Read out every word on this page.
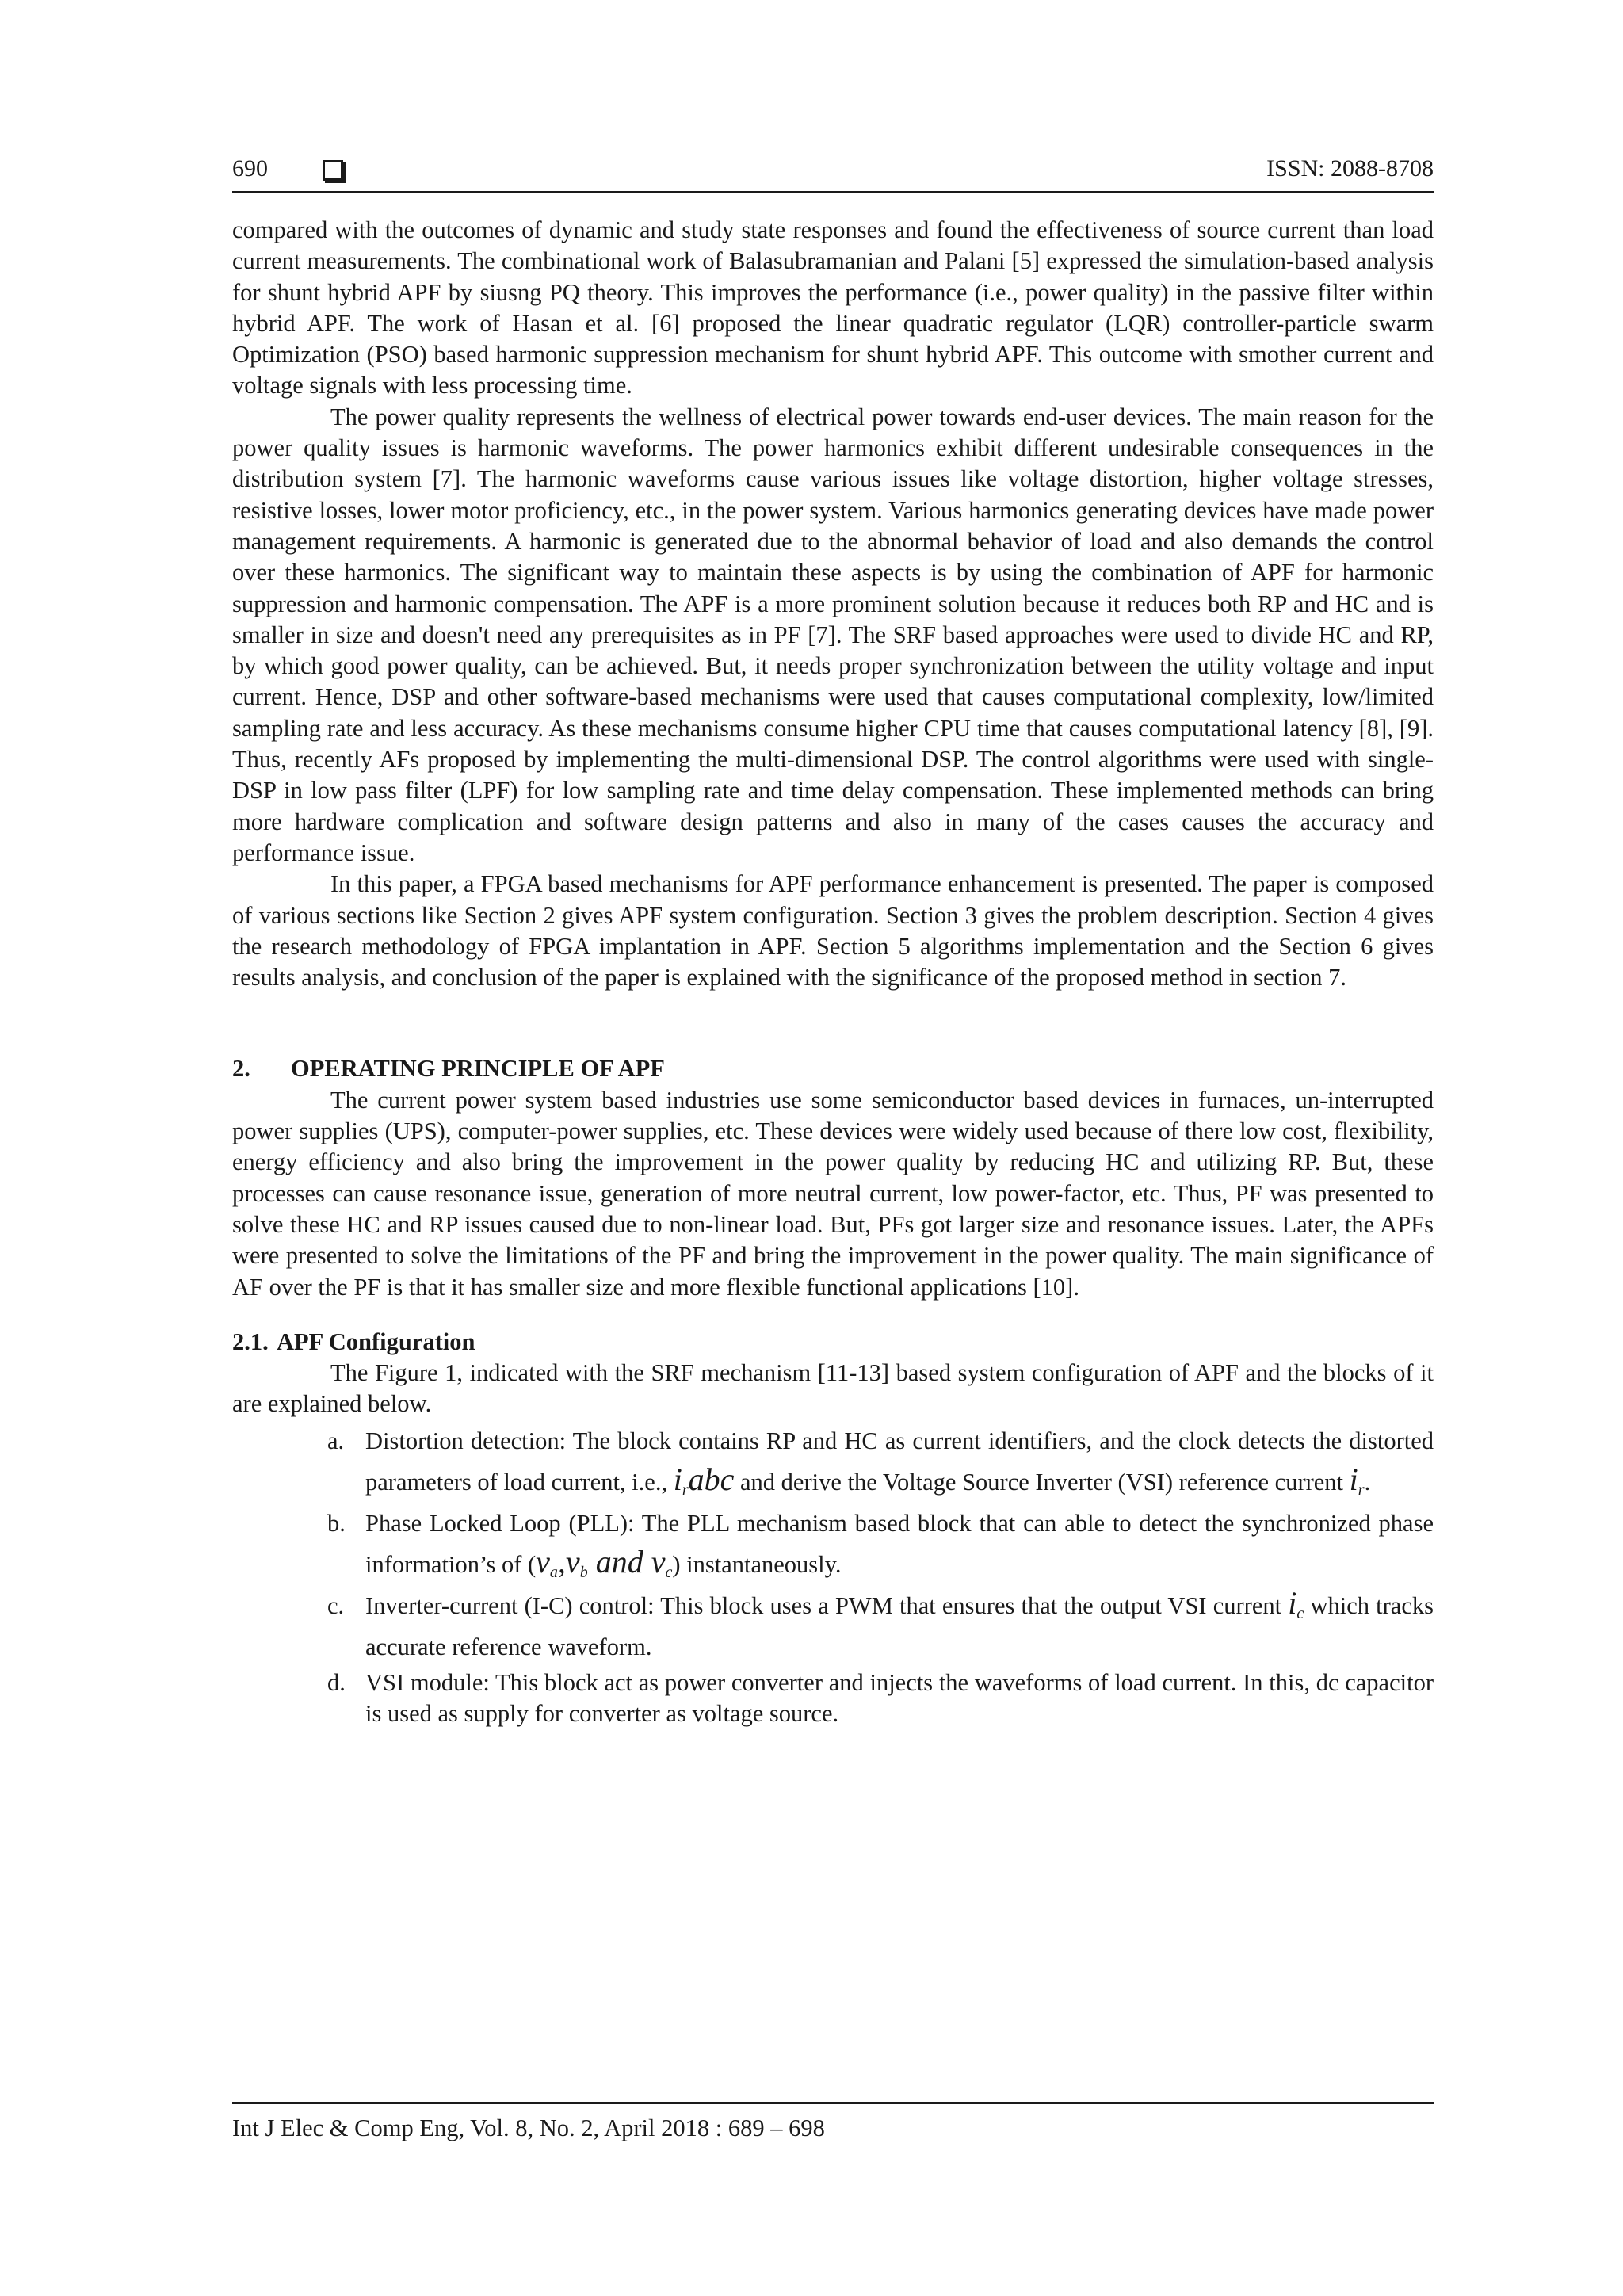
690	ISSN: 2088-8708

compared with the outcomes of dynamic and study state responses and found the effectiveness of source current than load current measurements. The combinational work of Balasubramanian and Palani [5] expressed the simulation-based analysis for shunt hybrid APF by siusng PQ theory. This improves the performance (i.e., power quality) in the passive filter within hybrid APF. The work of Hasan et al. [6] proposed the linear quadratic regulator (LQR) controller-particle swarm Optimization (PSO) based harmonic suppression mechanism for shunt hybrid APF. This outcome with smother current and voltage signals with less processing time.

The power quality represents the wellness of electrical power towards end-user devices. The main reason for the power quality issues is harmonic waveforms. The power harmonics exhibit different undesirable consequences in the distribution system [7]. The harmonic waveforms cause various issues like voltage distortion, higher voltage stresses, resistive losses, lower motor proficiency, etc., in the power system. Various harmonics generating devices have made power management requirements. A harmonic is generated due to the abnormal behavior of load and also demands the control over these harmonics. The significant way to maintain these aspects is by using the combination of APF for harmonic suppression and harmonic compensation. The APF is a more prominent solution because it reduces both RP and HC and is smaller in size and doesn't need any prerequisites as in PF [7]. The SRF based approaches were used to divide HC and RP, by which good power quality, can be achieved. But, it needs proper synchronization between the utility voltage and input current. Hence, DSP and other software-based mechanisms were used that causes computational complexity, low/limited sampling rate and less accuracy. As these mechanisms consume higher CPU time that causes computational latency [8], [9]. Thus, recently AFs proposed by implementing the multi-dimensional DSP. The control algorithms were used with single-DSP in low pass filter (LPF) for low sampling rate and time delay compensation. These implemented methods can bring more hardware complication and software design patterns and also in many of the cases causes the accuracy and performance issue.

In this paper, a FPGA based mechanisms for APF performance enhancement is presented. The paper is composed of various sections like Section 2 gives APF system configuration. Section 3 gives the problem description. Section 4 gives the research methodology of FPGA implantation in APF. Section 5 algorithms implementation and the Section 6 gives results analysis, and conclusion of the paper is explained with the significance of the proposed method in section 7.

2. OPERATING PRINCIPLE OF APF

The current power system based industries use some semiconductor based devices in furnaces, un-interrupted power supplies (UPS), computer-power supplies, etc. These devices were widely used because of there low cost, flexibility, energy efficiency and also bring the improvement in the power quality by reducing HC and utilizing RP. But, these processes can cause resonance issue, generation of more neutral current, low power-factor, etc. Thus, PF was presented to solve these HC and RP issues caused due to non-linear load. But, PFs got larger size and resonance issues. Later, the APFs were presented to solve the limitations of the PF and bring the improvement in the power quality. The main significance of AF over the PF is that it has smaller size and more flexible functional applications [10].

2.1. APF Configuration

The Figure 1, indicated with the SRF mechanism [11-13] based system configuration of APF and the blocks of it are explained below.

a. Distortion detection: The block contains RP and HC as current identifiers, and the clock detects the distorted parameters of load current, i.e., $i_rabc$ and derive the Voltage Source Inverter (VSI) reference current $i_r$.
b. Phase Locked Loop (PLL): The PLL mechanism based block that can able to detect the synchronized phase information’s of ($v_a,v_b$ and $v_c$) instantaneously.
c. Inverter-current (I-C) control: This block uses a PWM that ensures that the output VSI current $i_c$ which tracks accurate reference waveform.
d. VSI module: This block act as power converter and injects the waveforms of load current. In this, dc capacitor is used as supply for converter as voltage source.
Int J Elec & Comp Eng, Vol. 8, No. 2, April 2018 : 689 – 698
